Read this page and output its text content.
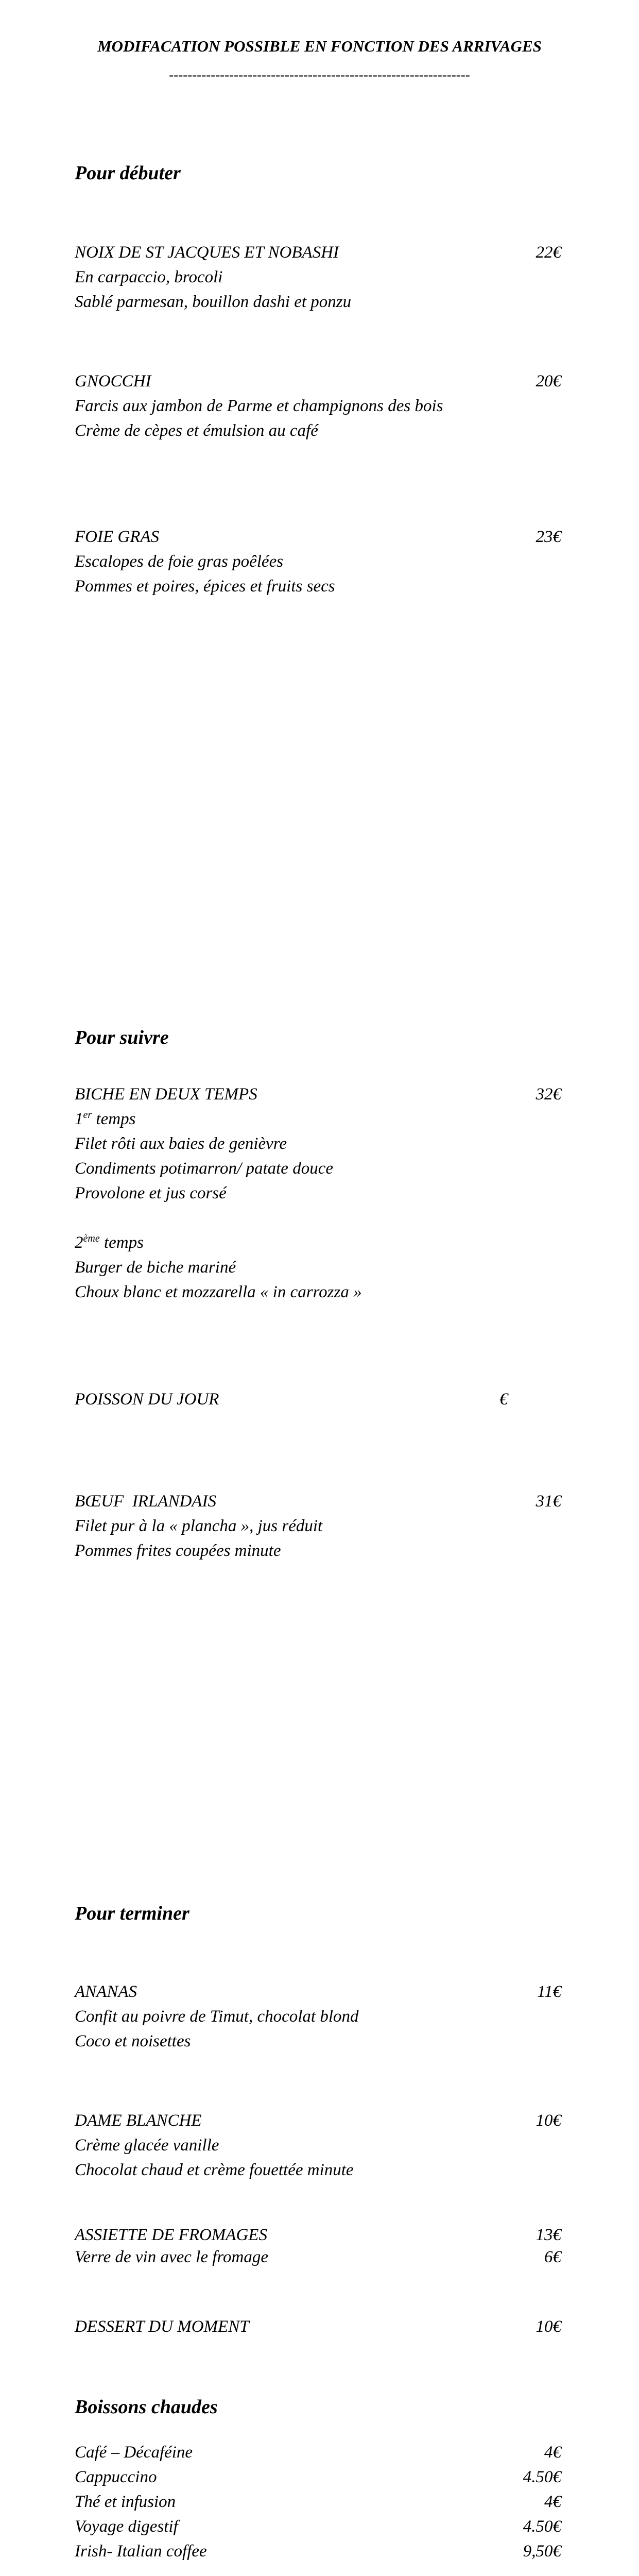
MODIFACATION POSSIBLE EN FONCTION DES ARRIVAGES
-----------------------------------------------------------------
Pour débuter
NOIX DE ST JACQUES ET NOBASHI	22€
En carpaccio, brocoli
Sablé parmesan, bouillon dashi et ponzu
GNOCCHI	20€
Farcis aux jambon de Parme et champignons des bois
Crème de cèpes et émulsion au café
FOIE GRAS	23€
Escalopes de foie gras poêlées
Pommes et poires, épices et fruits secs
Pour suivre
BICHE EN DEUX TEMPS	32€
1er temps
Filet rôti aux baies de genièvre
Condiments potimarron/ patate douce
Provolone et jus corsé
2ème temps
Burger de biche mariné
Choux blanc et mozzarella « in carrozza »
POISSON DU JOUR	€
BŒUF  IRLANDAIS	31€
Filet pur à la « plancha », jus réduit
Pommes frites coupées minute
Pour terminer
ANANAS	11€
Confit au poivre de Timut, chocolat blond
Coco et noisettes
DAME BLANCHE	10€
Crème glacée vanille
Chocolat chaud et crème fouettée minute
ASSIETTE DE FROMAGES	13€
Verre de vin avec le fromage	6€
DESSERT DU MOMENT	10€
Boissons chaudes
Café – Décaféine	4€
Cappuccino	4.50€
Thé et infusion	4€
Voyage digestif	4.50€
Irish- Italian coffee	9,50€
